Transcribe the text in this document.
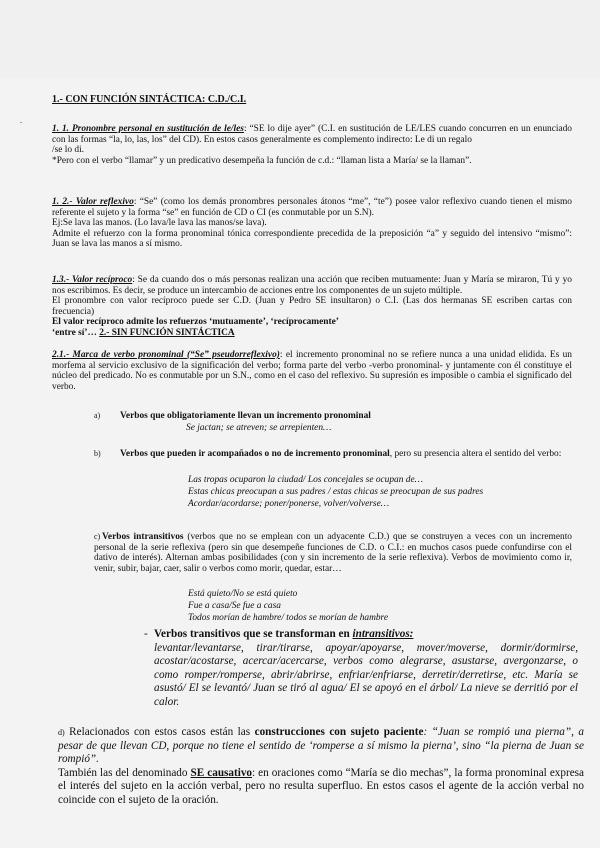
.
1.- CON FUNCIÓN SINTÁCTICA: C.D./C.I.
1. 1. Pronombre personal en sustitución de le/les: “SE lo dije ayer” (C.I. en sustitución de LE/LES cuando concurren en un enunciado con las formas “la, lo, las, los” del CD). En estos casos generalmente es complemento indirecto: Le di un regalo
/se lo di.
*Pero con el verbo “llamar” y un predicativo desempeña la función de c.d.: “llaman lista a María/ se la llaman”.
1. 2.- Valor reflexivo: “Se” (como los demás pronombres personales átonos “me”, “te”) posee valor reflexivo cuando tienen el mismo referente el sujeto y la forma “se” en función de CD o CI (es conmutable por un S.N).
Ej:Se lava las manos. (Lo lava/le lava las manos/se lava).
Admite el refuerzo con la forma pronominal tónica correspondiente precedida de la preposición “a” y seguido del intensivo “mismo”: Juan se lava las manos a sí mismo.
1.3.- Valor recíproco: Se da cuando dos o más personas realizan una acción que reciben mutuamente: Juan y María se miraron, Tú y yo nos escribimos. Es decir, se produce un intercambio de acciones entre los componentes de un sujeto múltiple.
El pronombre con valor recíproco puede ser C.D. (Juan y Pedro SE insultaron) o C.I. (Las dos hermanas SE escriben cartas con frecuencia)
El valor recíproco admite los refuerzos ‘mutuamente’, ‘recíprocamente’
‘entre sí’… 2.- SIN FUNCIÓN SINTÁCTICA
2.1.- Marca de verbo pronominal (“Se” pseudorreflexivo): el incremento pronominal no se refiere nunca a una unidad elidida. Es un morfema al servicio exclusivo de la significación del verbo; forma parte del verbo -verbo pronominal- y juntamente con él constituye el núcleo del predicado. No es conmutable por un S.N., como en el caso del reflexivo. Su supresión es imposible o cambia el significado del verbo.
a) Verbos que obligatoriamente llevan un incremento pronominal
Se jactan; se atreven; se arrepienten…
b) Verbos que pueden ir acompañados o no de incremento pronominal, pero su presencia altera el sentido del verbo:
Las tropas ocuparon la ciudad/ Los concejales se ocupan de…
Estas chicas preocupan a sus padres / estas chicas se preocupan de sus padres
Acordar/acordarse; poner/ponerse, volver/volverse…
c) Verbos intransitivos (verbos que no se emplean con un adyacente C.D.) que se construyen a veces con un incremento personal de la serie reflexiva (pero sin que desempeñe funciones de C.D. o C.I.: en muchos casos puede confundirse con el dativo de interés). Alternan ambas posibilidades (con y sin incremento de la serie reflexiva). Verbos de movimiento como ir, venir, subir, bajar, caer, salir o verbos como morir, quedar, estar…
Está quieto/No se está quieto
Fue a casa/Se fue a casa
Todos morían de hambre/ todos se morían de hambre
- Verbos transitivos que se transforman en intransitivos:

levantar/levantarse, tirar/tirarse, apoyar/apoyarse, mover/moverse, dormir/dormirse, acostar/acostarse, acercar/acercarse, verbos como alegrarse, asustarse, avergonzarse, o como romper/romperse, abrir/abrirse, enfriar/enfriarse, derretir/derretirse, etc. María se asustó/ El se levantó/ Juan se tiró al agua/ El se apoyó en el árbol/ La nieve se derritió por el calor.
d) Relacionados con estos casos están las construcciones con sujeto paciente: “Juan se rompió una pierna”, a pesar de que llevan CD, porque no tiene el sentido de ‘romperse a sí mismo la pierna’, sino “la pierna de Juan se rompió”.
También las del denominado SE causativo: en oraciones como “María se dio mechas”, la forma pronominal expresa el interés del sujeto en la acción verbal, pero no resulta superfluo. En estos casos el agente de la acción verbal no coincide con el sujeto de la oración.
